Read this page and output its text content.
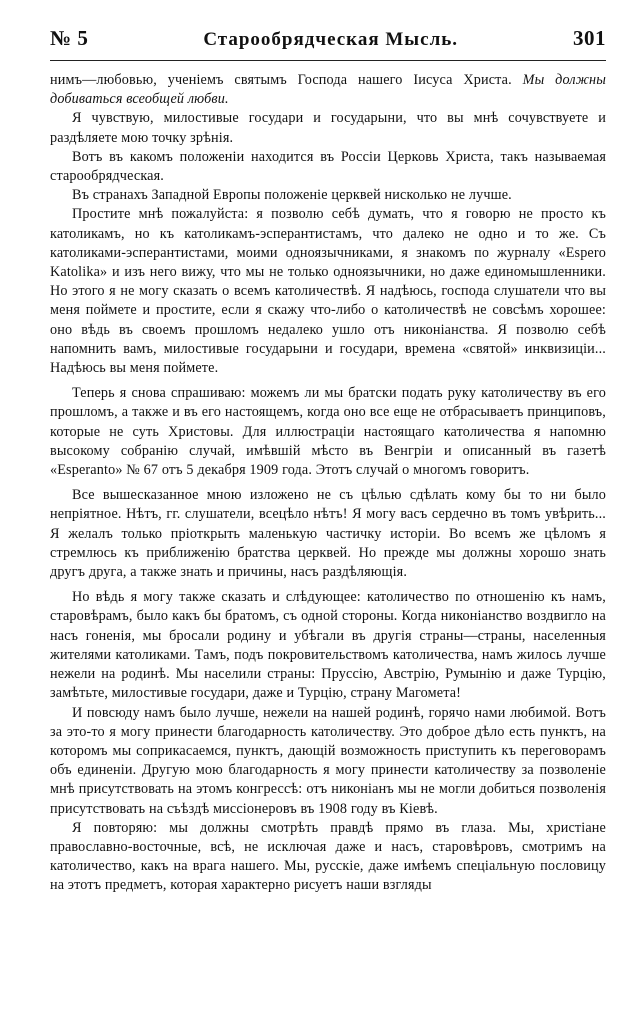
№ 5	Старообрядческая Мысль.	301

нимъ—любовью, ученіемъ святымъ Господа нашего Іисуса Христа. Мы должны добиваться всеобщей любви.

Я чувствую, милостивые государи и государыни, что вы мнѣ сочувствуете и раздѣляете мою точку зрѣнія.

Вотъ въ какомъ положеніи находится въ Россіи Церковь Христа, такъ называемая старообрядческая.

Въ странахъ Западной Европы положеніе церквей нисколько не лучше.

Простите мнѣ пожалуйста: я позволю себѣ думать, что я говорю не просто къ католикамъ, но къ католикамъ-эсперантистамъ, что далеко не одно и то же. Съ католиками-эсперантистами, моими одноязычниками, я знакомъ по журналу «Espero Katolika» и изъ него вижу, что мы не только одноязычники, но даже единомышленники. Но этого я не могу сказать о всемъ католичествѣ. Я надѣюсь, господа слушатели что вы меня поймете и простите, если я скажу что-либо о католичествѣ не совсѣмъ хорошее: оно вѣдь въ своемъ прошломъ недалеко ушло отъ никоніанства. Я позволю себѣ напомнить вамъ, милостивые государыни и государи, времена «святой» инквизиціи... Надѣюсь вы меня поймете.

Теперь я снова спрашиваю: можемъ ли мы братски подать руку католичеству въ его прошломъ, а также и въ его настоящемъ, когда оно все еще не отбрасываетъ принциповъ, которые не суть Христовы. Для иллюстраціи настоящаго католичества я напомню высокому собранію случай, имѣвшій мѣсто въ Венгріи и описанный въ газетѣ «Esperanto» № 67 отъ 5 декабря 1909 года. Этотъ случай о многомъ говоритъ.

Все вышесказанное мною изложено не съ цѣлью сдѣлать кому бы то ни было непріятное. Нѣтъ, гг. слушатели, всецѣло нѣтъ! Я могу васъ сердечно въ томъ увѣрить... Я желалъ только пріоткрыть маленькую частичку исторіи. Во всемъ же цѣломъ я стремлюсь къ приближенію братства церквей. Но прежде мы должны хорошо знать другъ друга, а также знать и причины, насъ раздѣляющія.

Но вѣдь я могу также сказать и слѣдующее: католичество по отношенію къ намъ, старовѣрамъ, было какъ бы братомъ, съ одной стороны. Когда никоніанство воздвигло на насъ гоненія, мы бросали родину и убѣгали въ другія страны—страны, населенныя жителями католиками. Тамъ, подъ покровительствомъ католичества, намъ жилось лучше нежели на родинѣ. Мы населили страны: Пруссію, Австрію, Румынію и даже Турцію, замѣтьте, милостивые государи, даже и Турцію, страну Магомета!

И повсюду намъ было лучше, нежели на нашей родинѣ, горячо нами любимой. Вотъ за это-то я могу принести благодарность католичеству. Это доброе дѣло есть пунктъ, на которомъ мы соприкасаемся, пунктъ, дающій возможность приступить къ переговорамъ объ единеніи. Другую мою благодарность я могу принести католичеству за позволеніе мнѣ присутствовать на этомъ конгрессѣ: отъ никоніанъ мы не могли добиться позволенія присутствовать на съѣздѣ миссіонеровъ въ 1908 году въ Кіевѣ.

Я повторяю: мы должны смотрѣть правдѣ прямо въ глаза. Мы, христіане православно-восточные, всѣ, не исключая даже и насъ, старовѣровъ, смотримъ на католичество, какъ на врага нашего. Мы, русскіе, даже имѣемъ спеціальную пословицу на этотъ предметъ, которая характерно рисуетъ наши взгляды
